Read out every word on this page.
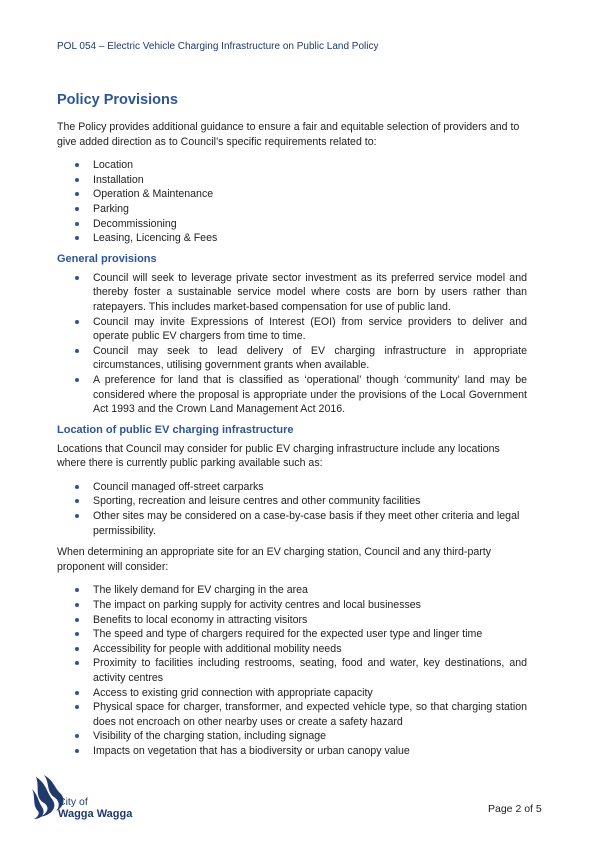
POL 054 – Electric Vehicle Charging Infrastructure on Public Land Policy
Policy Provisions

The Policy provides additional guidance to ensure a fair and equitable selection of providers and to give added direction as to Council’s specific requirements related to:

Location
Installation
Operation & Maintenance
Parking
Decommissioning
Leasing, Licencing & Fees
General provisions
Council will seek to leverage private sector investment as its preferred service model and thereby foster a sustainable service model where costs are born by users rather than ratepayers. This includes market-based compensation for use of public land.
Council may invite Expressions of Interest (EOI) from service providers to deliver and operate public EV chargers from time to time.
Council may seek to lead delivery of EV charging infrastructure in appropriate circumstances, utilising government grants when available.
A preference for land that is classified as ‘operational’ though ‘community’ land may be considered where the proposal is appropriate under the provisions of the Local Government Act 1993 and the Crown Land Management Act 2016.
Location of public EV charging infrastructure

Locations that Council may consider for public EV charging infrastructure include any locations where there is currently public parking available such as:

Council managed off-street carparks
Sporting, recreation and leisure centres and other community facilities
Other sites may be considered on a case-by-case basis if they meet other criteria and legal permissibility.

When determining an appropriate site for an EV charging station, Council and any third-party proponent will consider:

The likely demand for EV charging in the area
The impact on parking supply for activity centres and local businesses
Benefits to local economy in attracting visitors
The speed and type of chargers required for the expected user type and linger time
Accessibility for people with additional mobility needs
Proximity to facilities including restrooms, seating, food and water, key destinations, and activity centres
Access to existing grid connection with appropriate capacity
Physical space for charger, transformer, and expected vehicle type, so that charging station does not encroach on other nearby uses or create a safety hazard
Visibility of the charging station, including signage
Impacts on vegetation that has a biodiversity or urban canopy value
City of
Wagga Wagga	Page 2 of 5
